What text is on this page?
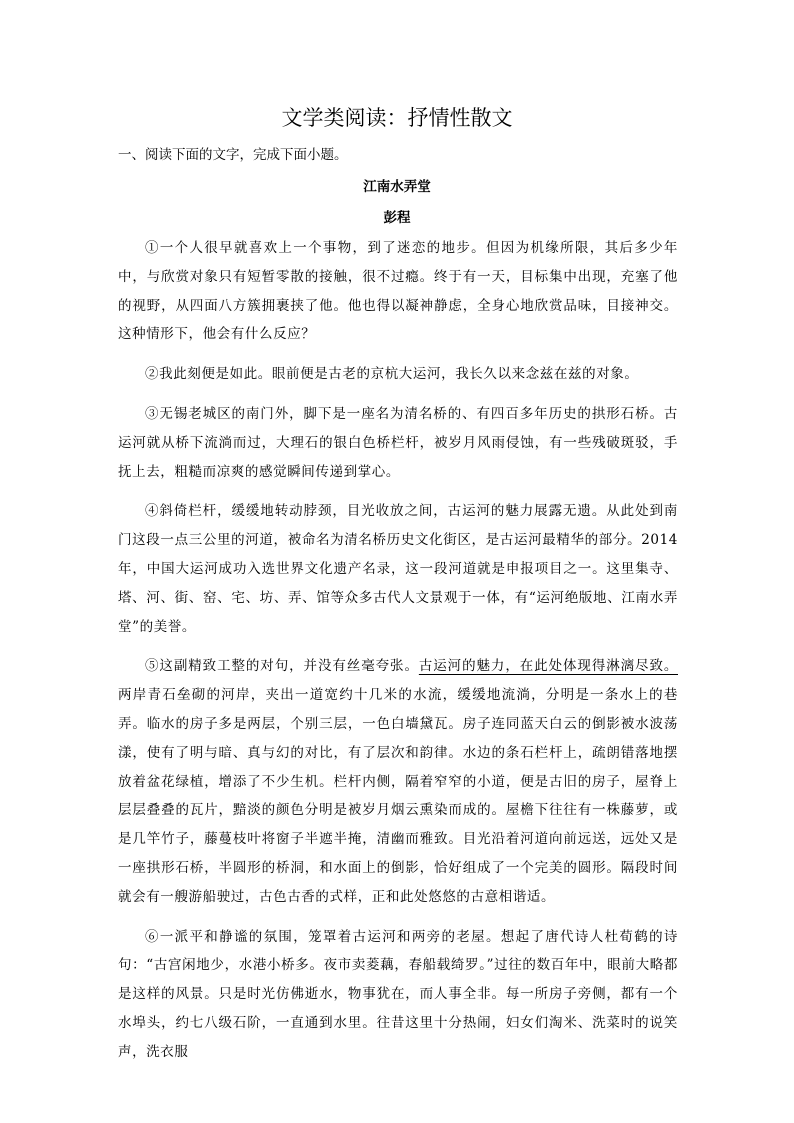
文学类阅读：抒情性散文
一、阅读下面的文字，完成下面小题。
江南水弄堂
彭程

①一个人很早就喜欢上一个事物，到了迷恋的地步。但因为机缘所限，其后多少年中，与欣赏对象只有短暂零散的接触，很不过瘾。终于有一天，目标集中出现，充塞了他的视野，从四面八方簇拥裹挟了他。他也得以凝神静虑，全身心地欣赏品味，目接神交。这种情形下，他会有什么反应？

②我此刻便是如此。眼前便是古老的京杭大运河，我长久以来念兹在兹的对象。

③无锡老城区的南门外，脚下是一座名为清名桥的、有四百多年历史的拱形石桥。古运河就从桥下流淌而过，大理石的银白色桥栏杆，被岁月风雨侵蚀，有一些残破斑驳，手抚上去，粗糙而凉爽的感觉瞬间传递到掌心。

④斜倚栏杆，缓缓地转动脖颈，目光收放之间，古运河的魅力展露无遗。从此处到南门这段一点三公里的河道，被命名为清名桥历史文化街区，是古运河最精华的部分。2014年，中国大运河成功入选世界文化遗产名录，这一段河道就是申报项目之一。这里集寺、塔、河、街、窑、宅、坊、弄、馆等众多古代人文景观于一体，有“运河绝版地、江南水弄堂”的美誉。

⑤这副精致工整的对句，并没有丝毫夸张。古运河的魅力，在此处体现得淋漓尽致。两岸青石垒砌的河岸，夹出一道宽约十几米的水流，缓缓地流淌，分明是一条水上的巷弄。临水的房子多是两层，个别三层，一色白墙黛瓦。房子连同蓝天白云的倒影被水波荡漾，使有了明与暗、真与幻的对比，有了层次和韵律。水边的条石栏杆上，疏朗错落地摆放着盆花绿植，增添了不少生机。栏杆内侧，隔着窄窄的小道，便是古旧的房子，屋脊上层层叠叠的瓦片，黯淡的颜色分明是被岁月烟云熏染而成的。屋檐下往往有一株藤萝，或是几竿竹子，藤蔓枝叶将窗子半遮半掩，清幽而雅致。目光沿着河道向前远送，远处又是一座拱形石桥，半圆形的桥洞，和水面上的倒影，恰好组成了一个完美的圆形。隔段时间就会有一艘游船驶过，古色古香的式样，正和此处悠悠的古意相谐适。

⑥一派平和静谧的氛围，笼罩着古运河和两旁的老屋。想起了唐代诗人杜荀鹤的诗句：“古宫闲地少，水港小桥多。夜市卖菱藕，春船载绮罗。”过往的数百年中，眼前大略都是这样的风景。只是时光仿佛逝水，物事犹在，而人事全非。每一所房子旁侧，都有一个水埠头，约七八级石阶，一直通到水里。往昔这里十分热闹，妇女们淘米、洗菜时的说笑声，洗衣服
